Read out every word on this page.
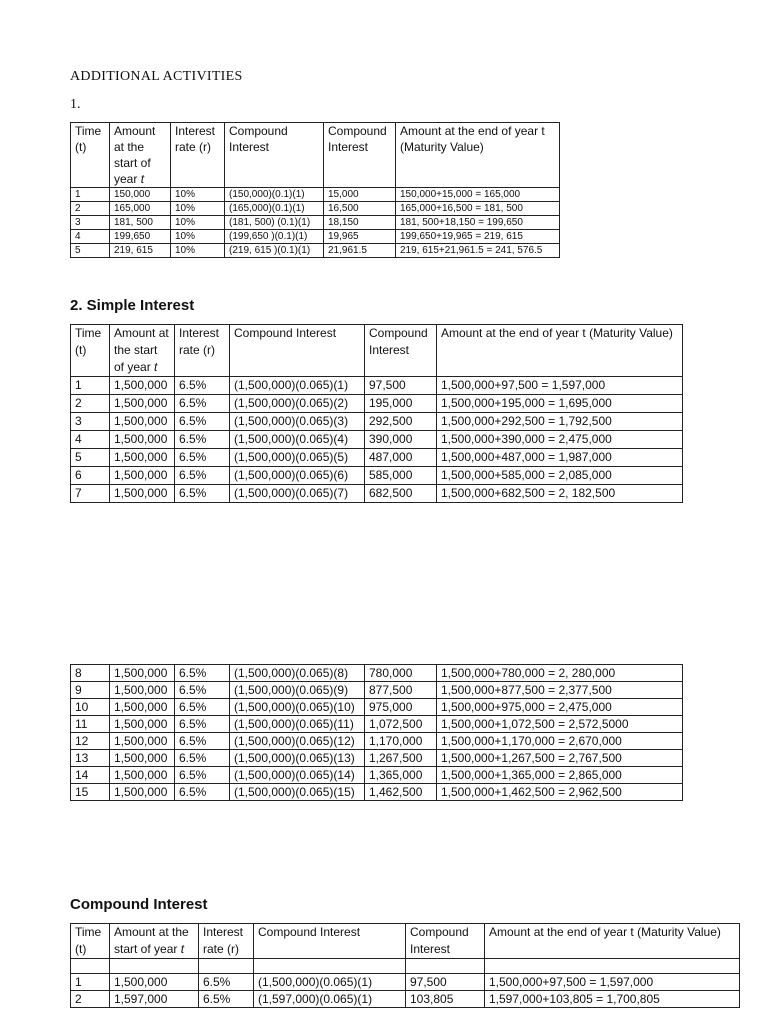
ADDITIONAL ACTIVITIES
1.
Time (t)	Amount at the start of year t	Interest rate (r)	Compound Interest	Compound Interest	Amount at the end of year t (Maturity Value)
1	150,000	10%	(150,000)(0.1)(1)	15,000	150,000+15,000 = 165,000
2	165,000	10%	(165,000)(0.1)(1)	16,500	165,000+16,500 = 181, 500
3	181, 500	10%	(181, 500) (0.1)(1)	18,150	181, 500+18,150 = 199,650
4	199,650	10%	(199,650 )(0.1)(1)	19,965	199,650+19,965 = 219, 615
5	219, 615	10%	(219, 615 )(0.1)(1)	21,961.5	219, 615+21,961.5 = 241, 576.5
2. Simple Interest
Time (t)	Amount at the start of year t	Interest rate (r)	Compound Interest	Compound Interest	Amount at the end of year t (Maturity Value)
1	1,500,000	6.5%	(1,500,000)(0.065)(1)	97,500	1,500,000+97,500 = 1,597,000
2	1,500,000	6.5%	(1,500,000)(0.065)(2)	195,000	1,500,000+195,000 = 1,695,000
3	1,500,000	6.5%	(1,500,000)(0.065)(3)	292,500	1,500,000+292,500 = 1,792,500
4	1,500,000	6.5%	(1,500,000)(0.065)(4)	390,000	1,500,000+390,000 = 2,475,000
5	1,500,000	6.5%	(1,500,000)(0.065)(5)	487,000	1,500,000+487,000 = 1,987,000
6	1,500,000	6.5%	(1,500,000)(0.065)(6)	585,000	1,500,000+585,000 = 2,085,000
7	1,500,000	6.5%	(1,500,000)(0.065)(7)	682,500	1,500,000+682,500 = 2, 182,500
8	1,500,000	6.5%	(1,500,000)(0.065)(8)	780,000	1,500,000+780,000 = 2, 280,000
9	1,500,000	6.5%	(1,500,000)(0.065)(9)	877,500	1,500,000+877,500 = 2,377,500
10	1,500,000	6.5%	(1,500,000)(0.065)(10)	975,000	1,500,000+975,000 = 2,475,000
11	1,500,000	6.5%	(1,500,000)(0.065)(11)	1,072,500	1,500,000+1,072,500 = 2,572,5000
12	1,500,000	6.5%	(1,500,000)(0.065)(12)	1,170,000	1,500,000+1,170,000 = 2,670,000
13	1,500,000	6.5%	(1,500,000)(0.065)(13)	1,267,500	1,500,000+1,267,500 = 2,767,500
14	1,500,000	6.5%	(1,500,000)(0.065)(14)	1,365,000	1,500,000+1,365,000 = 2,865,000
15	1,500,000	6.5%	(1,500,000)(0.065)(15)	1,462,500	1,500,000+1,462,500 = 2,962,500
Compound Interest
Time (t)	Amount at the start of year t	Interest rate (r)	Compound Interest	Compound Interest	Amount at the end of year t (Maturity Value)

1	1,500,000	6.5%	(1,500,000)(0.065)(1)	97,500	1,500,000+97,500 = 1,597,000
2	1,597,000	6.5%	(1,597,000)(0.065)(1)	103,805	1,597,000+103,805 = 1,700,805
